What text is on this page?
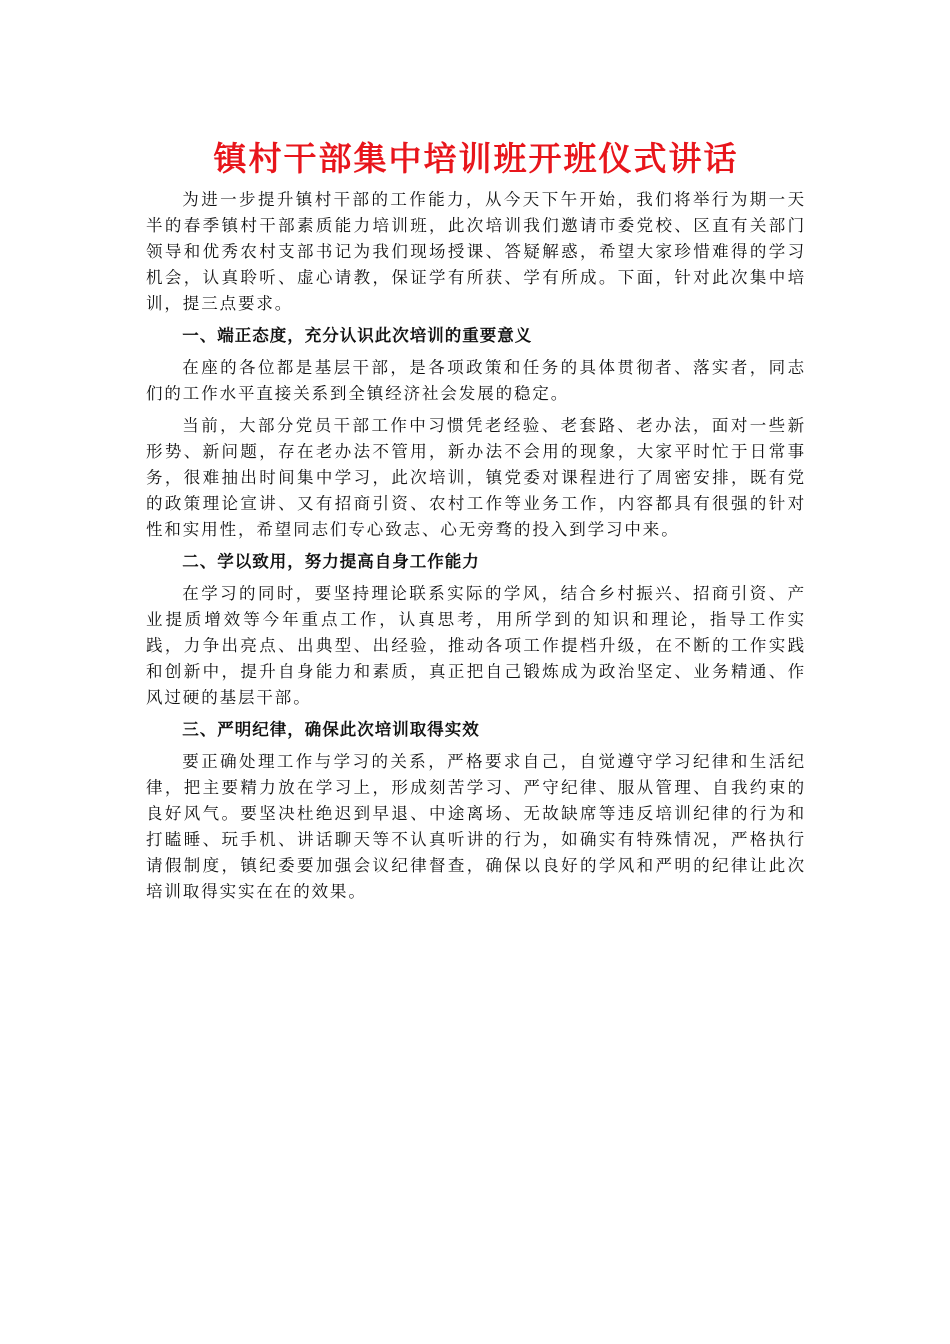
镇村干部集中培训班开班仪式讲话

为进一步提升镇村干部的工作能力，从今天下午开始，我们将举行为期一天半的春季镇村干部素质能力培训班，此次培训我们邀请市委党校、区直有关部门领导和优秀农村支部书记为我们现场授课、答疑解惑，希望大家珍惜难得的学习机会，认真聆听、虚心请教，保证学有所获、学有所成。下面，针对此次集中培训，提三点要求。

一、端正态度，充分认识此次培训的重要意义

在座的各位都是基层干部，是各项政策和任务的具体贯彻者、落实者，同志们的工作水平直接关系到全镇经济社会发展的稳定。

当前，大部分党员干部工作中习惯凭老经验、老套路、老办法，面对一些新形势、新问题，存在老办法不管用，新办法不会用的现象，大家平时忙于日常事务，很难抽出时间集中学习，此次培训，镇党委对课程进行了周密安排，既有党的政策理论宣讲、又有招商引资、农村工作等业务工作，内容都具有很强的针对性和实用性，希望同志们专心致志、心无旁骛的投入到学习中来。

二、学以致用，努力提高自身工作能力

在学习的同时，要坚持理论联系实际的学风，结合乡村振兴、招商引资、产业提质增效等今年重点工作，认真思考，用所学到的知识和理论，指导工作实践，力争出亮点、出典型、出经验，推动各项工作提档升级，在不断的工作实践和创新中，提升自身能力和素质，真正把自己锻炼成为政治坚定、业务精通、作风过硬的基层干部。

三、严明纪律，确保此次培训取得实效

要正确处理工作与学习的关系，严格要求自己，自觉遵守学习纪律和生活纪律，把主要精力放在学习上，形成刻苦学习、严守纪律、服从管理、自我约束的良好风气。要坚决杜绝迟到早退、中途离场、无故缺席等违反培训纪律的行为和打瞌睡、玩手机、讲话聊天等不认真听讲的行为，如确实有特殊情况，严格执行请假制度，镇纪委要加强会议纪律督查，确保以良好的学风和严明的纪律让此次培训取得实实在在的效果。
